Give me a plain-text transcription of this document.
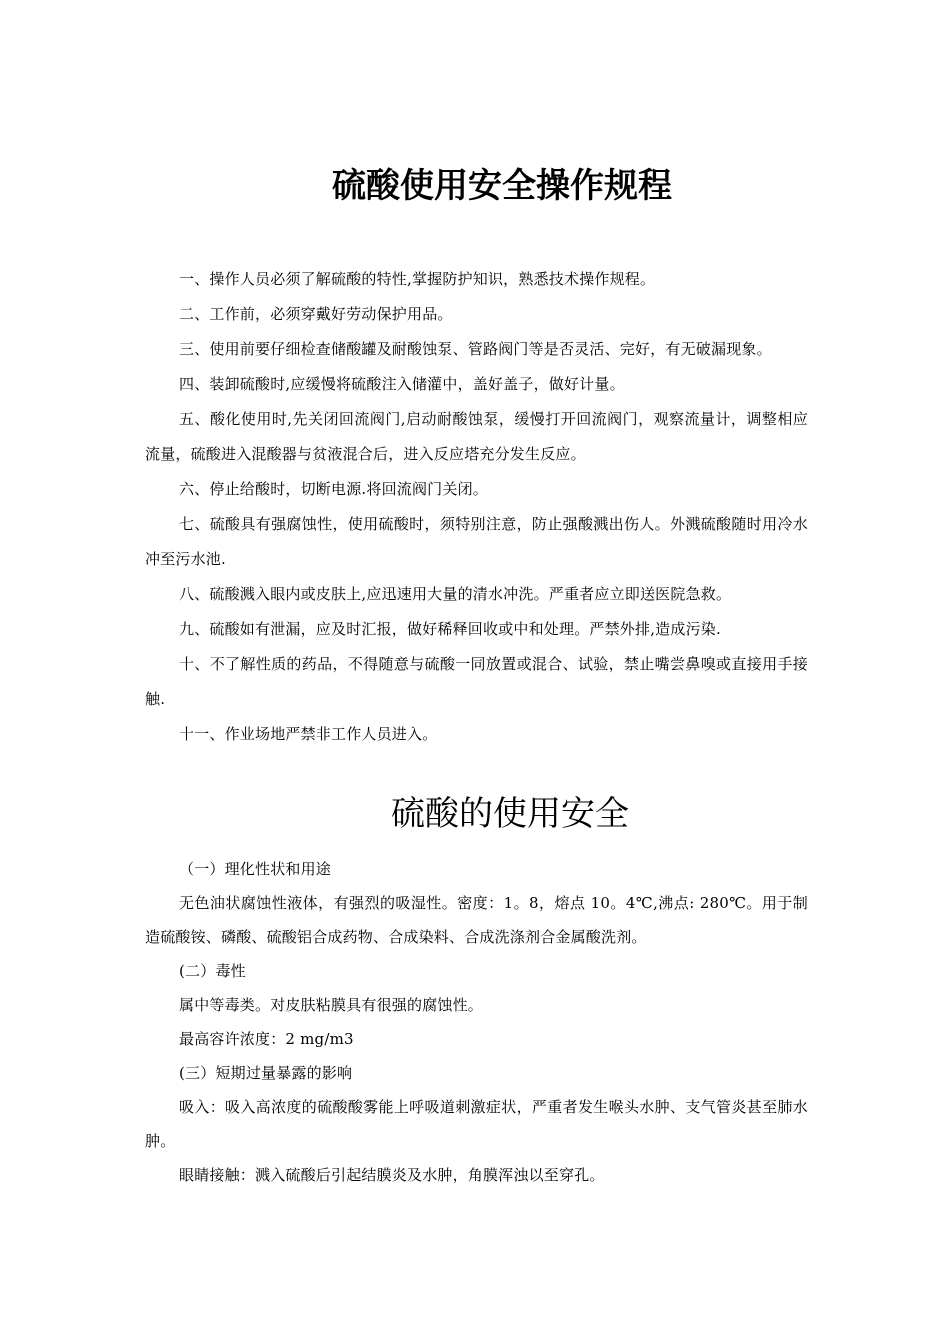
硫酸使用安全操作规程

一、操作人员必须了解硫酸的特性,掌握防护知识，熟悉技术操作规程。

二、工作前，必须穿戴好劳动保护用品。

三、使用前要仔细检查储酸罐及耐酸蚀泵、管路阀门等是否灵活、完好，有无破漏现象。

四、装卸硫酸时,应缓慢将硫酸注入储灌中，盖好盖子，做好计量。

五、酸化使用时,先关闭回流阀门,启动耐酸蚀泵，缓慢打开回流阀门，观察流量计，调整相应流量，硫酸进入混酸器与贫液混合后，进入反应塔充分发生反应。

六、停止给酸时，切断电源.将回流阀门关闭。

七、硫酸具有强腐蚀性，使用硫酸时，须特别注意，防止强酸溅出伤人。外溅硫酸随时用冷水冲至污水池.

八、硫酸溅入眼内或皮肤上,应迅速用大量的清水冲洗。严重者应立即送医院急救。

九、硫酸如有泄漏，应及时汇报，做好稀释回收或中和处理。严禁外排,造成污染.

十、不了解性质的药品，不得随意与硫酸一同放置或混合、试验，禁止嘴尝鼻嗅或直接用手接触.

十一、作业场地严禁非工作人员进入。

硫酸的使用安全

（一）理化性状和用途

无色油状腐蚀性液体，有强烈的吸湿性。密度：1。8，熔点 10。4℃,沸点: 280℃。用于制造硫酸铵、磷酸、硫酸铝合成药物、合成染料、合成洗涤剂合金属酸洗剂。

(二）毒性

属中等毒类。对皮肤粘膜具有很强的腐蚀性。

最高容许浓度：2 mg/m3

(三）短期过量暴露的影响

吸入：吸入高浓度的硫酸酸雾能上呼吸道刺激症状，严重者发生喉头水肿、支气管炎甚至肺水肿。

眼睛接触：溅入硫酸后引起结膜炎及水肿，角膜浑浊以至穿孔。
